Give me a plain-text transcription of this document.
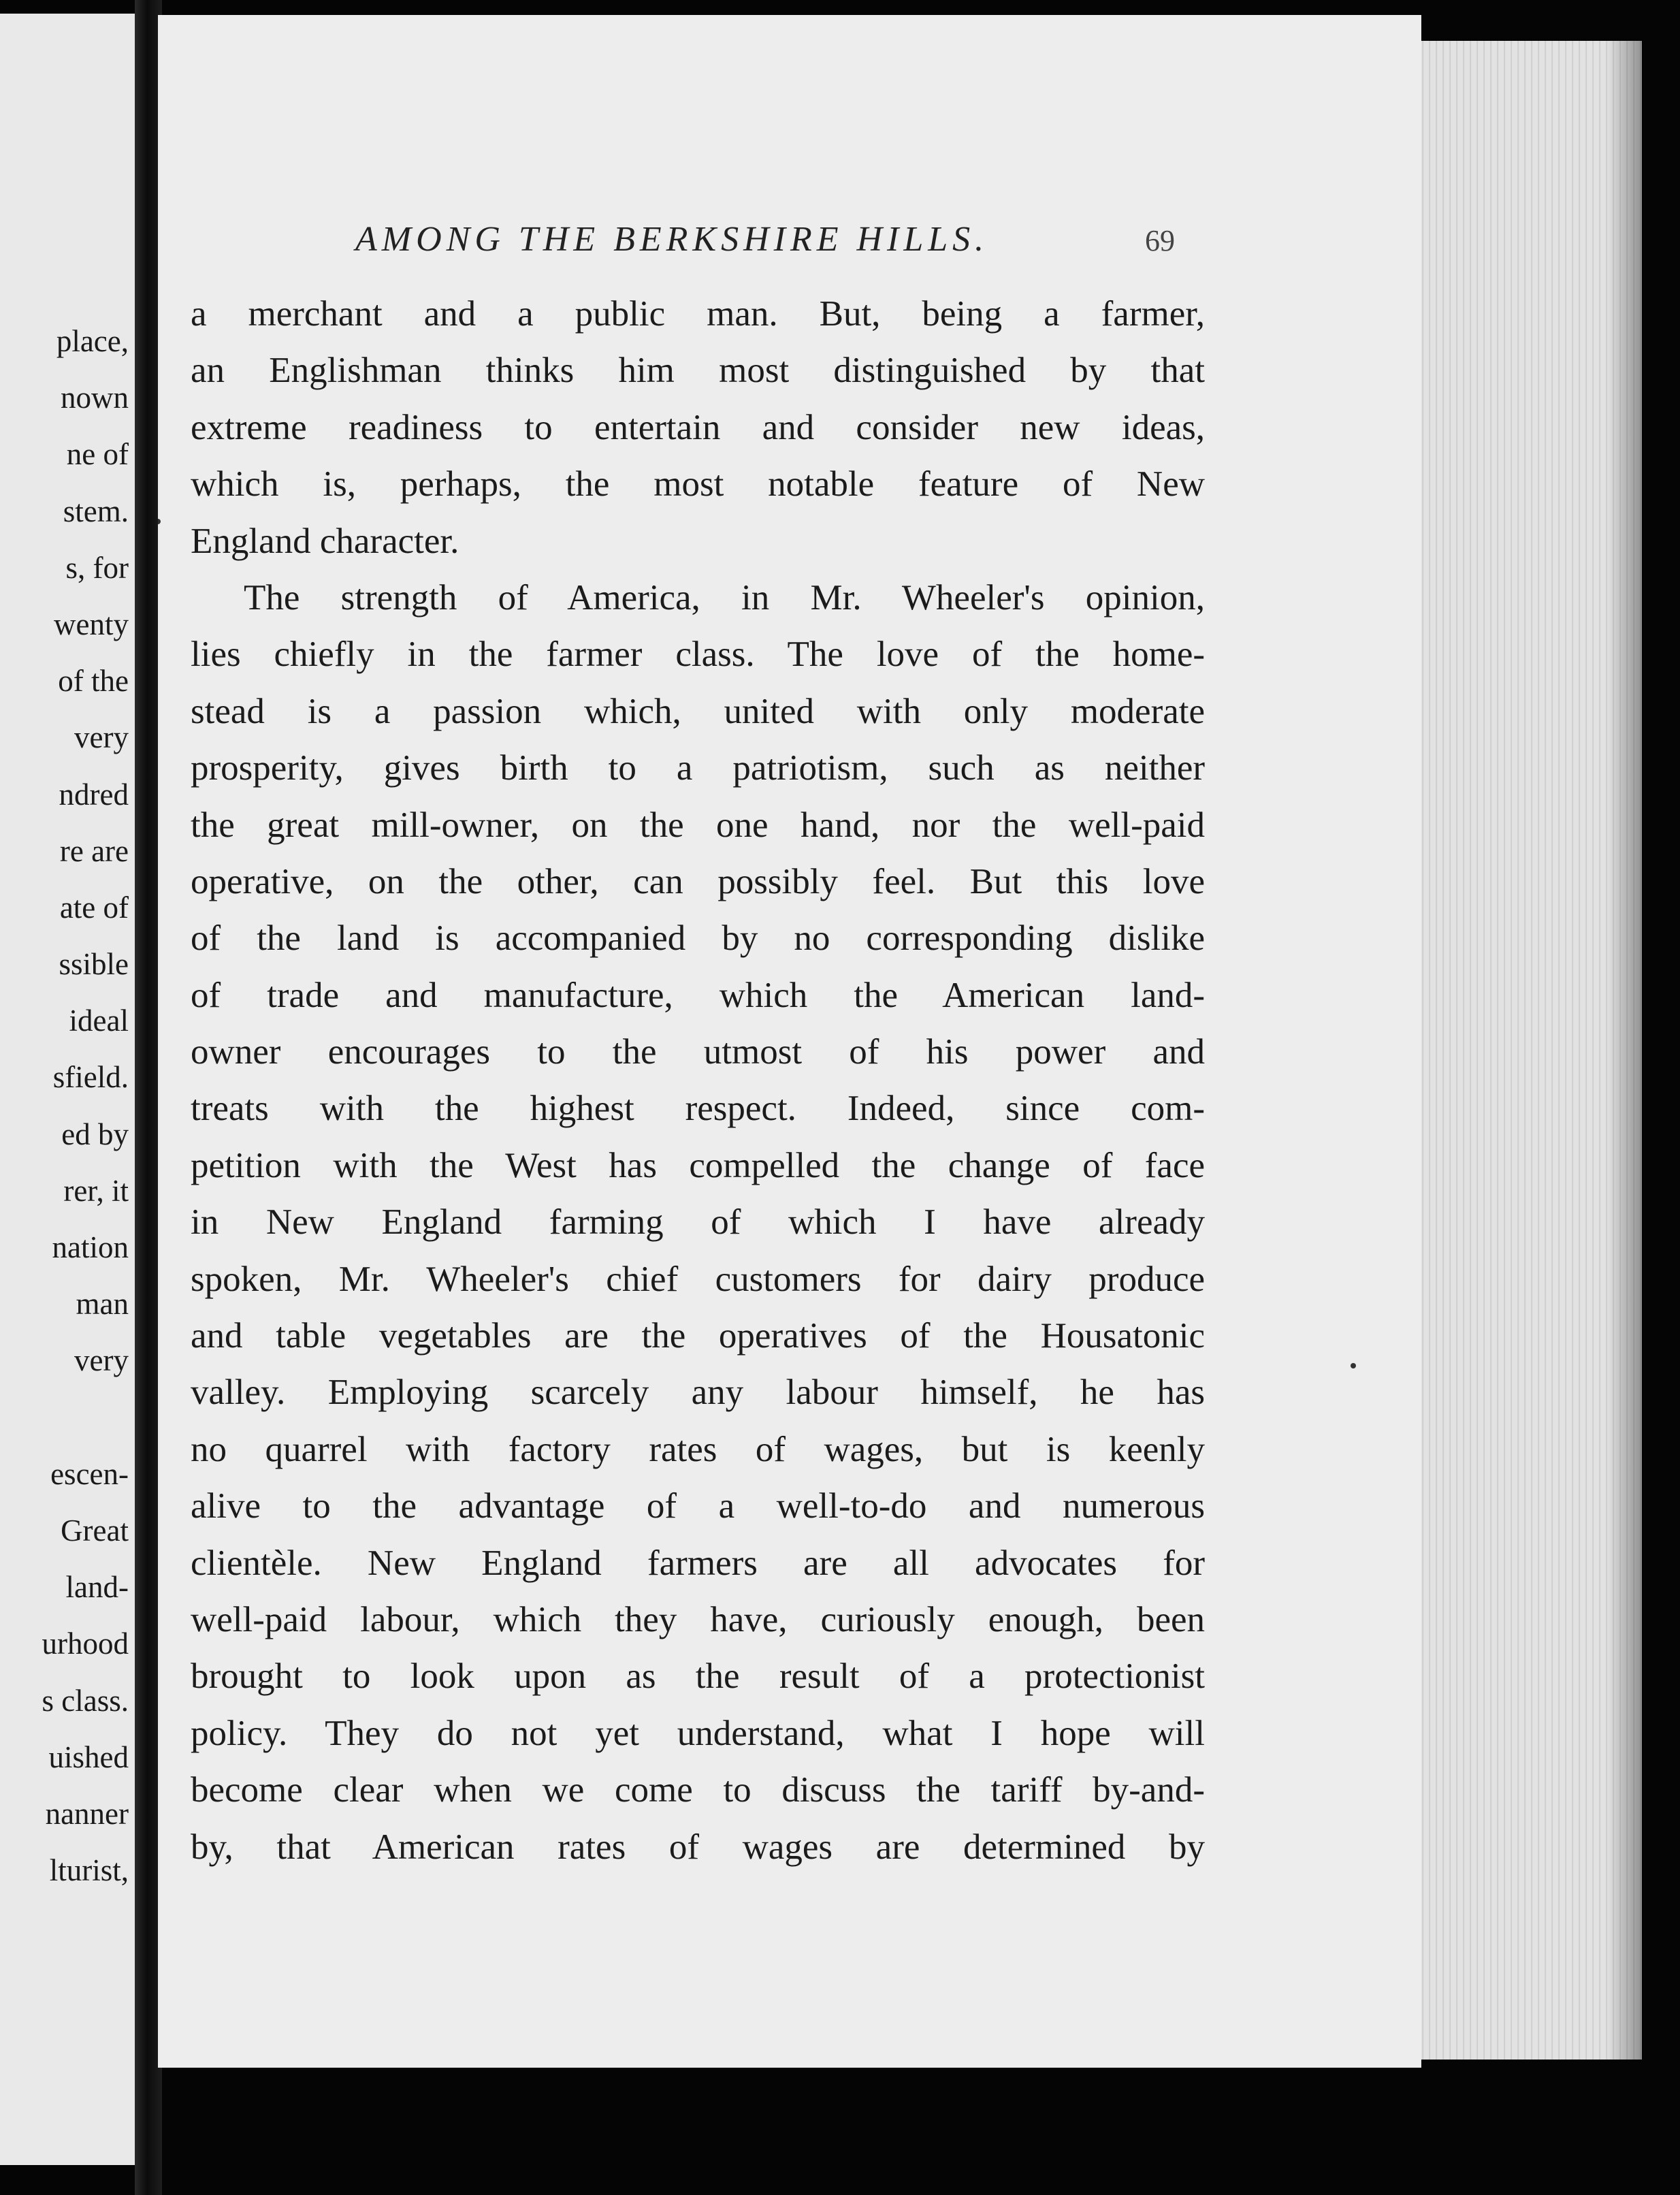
place,
nown
ne of
stem.
s, for
wenty
of the
very
ndred
re are
ate of
ssible
ideal
sfield.
ed by
rer, it
nation
man
very
escen-
Great
land-
urhood
s class.
uished
nanner
lturist,
AMONG THE BERKSHIRE HILLS.	69
a merchant and a public man. But, being a farmer,
an Englishman thinks him most distinguished by that
extreme readiness to entertain and consider new ideas,
which is, perhaps, the most notable feature of New
England character.
The strength of America, in Mr. Wheeler's opinion,
lies chiefly in the farmer class. The love of the home-
stead is a passion which, united with only moderate
prosperity, gives birth to a patriotism, such as neither
the great mill-owner, on the one hand, nor the well-paid
operative, on the other, can possibly feel. But this love
of the land is accompanied by no corresponding dislike
of trade and manufacture, which the American land-
owner encourages to the utmost of his power and
treats with the highest respect. Indeed, since com-
petition with the West has compelled the change of face
in New England farming of which I have already
spoken, Mr. Wheeler's chief customers for dairy produce
and table vegetables are the operatives of the Housatonic
valley. Employing scarcely any labour himself, he has
no quarrel with factory rates of wages, but is keenly
alive to the advantage of a well-to-do and numerous
clientèle. New England farmers are all advocates for
well-paid labour, which they have, curiously enough, been
brought to look upon as the result of a protectionist
policy. They do not yet understand, what I hope will
become clear when we come to discuss the tariff by-and-
by, that American rates of wages are determined by
